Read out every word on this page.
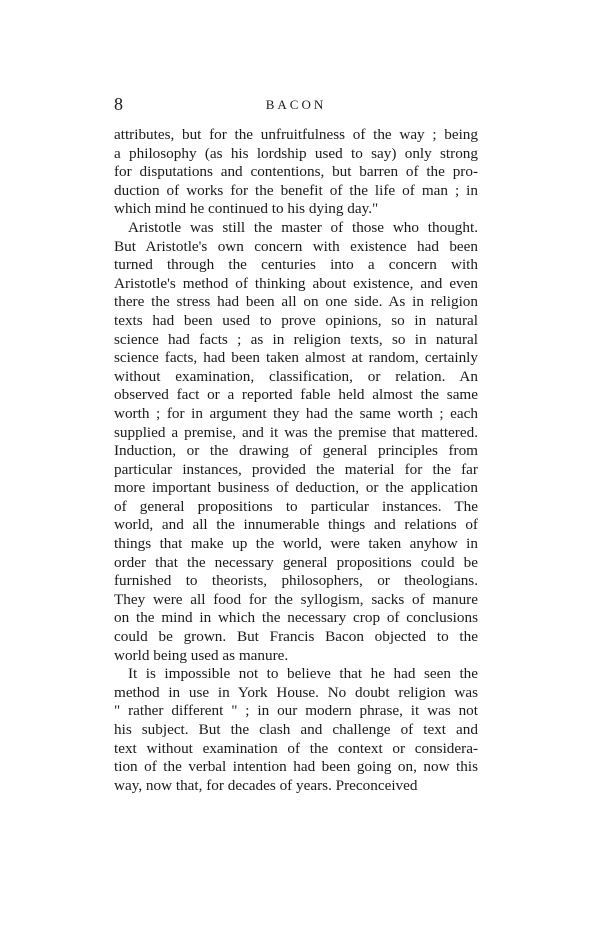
8	BACON
attributes, but for the unfruitfulness of the way ; being
a philosophy (as his lordship used to say) only strong
for disputations and contentions, but barren of the pro-
duction of works for the benefit of the life of man ; in
which mind he continued to his dying day."
Aristotle was still the master of those who thought.
But Aristotle's own concern with existence had been
turned through the centuries into a concern with
Aristotle's method of thinking about existence, and even
there the stress had been all on one side. As in religion
texts had been used to prove opinions, so in natural
science had facts ; as in religion texts, so in natural
science facts, had been taken almost at random, certainly
without examination, classification, or relation. An
observed fact or a reported fable held almost the same
worth ; for in argument they had the same worth ; each
supplied a premise, and it was the premise that mattered.
Induction, or the drawing of general principles from
particular instances, provided the material for the far
more important business of deduction, or the application
of general propositions to particular instances. The
world, and all the innumerable things and relations of
things that make up the world, were taken anyhow in
order that the necessary general propositions could be
furnished to theorists, philosophers, or theologians.
They were all food for the syllogism, sacks of manure
on the mind in which the necessary crop of conclusions
could be grown. But Francis Bacon objected to the
world being used as manure.
It is impossible not to believe that he had seen the
method in use in York House. No doubt religion was
" rather different " ; in our modern phrase, it was not
his subject. But the clash and challenge of text and
text without examination of the context or considera-
tion of the verbal intention had been going on, now this
way, now that, for decades of years. Preconceived
